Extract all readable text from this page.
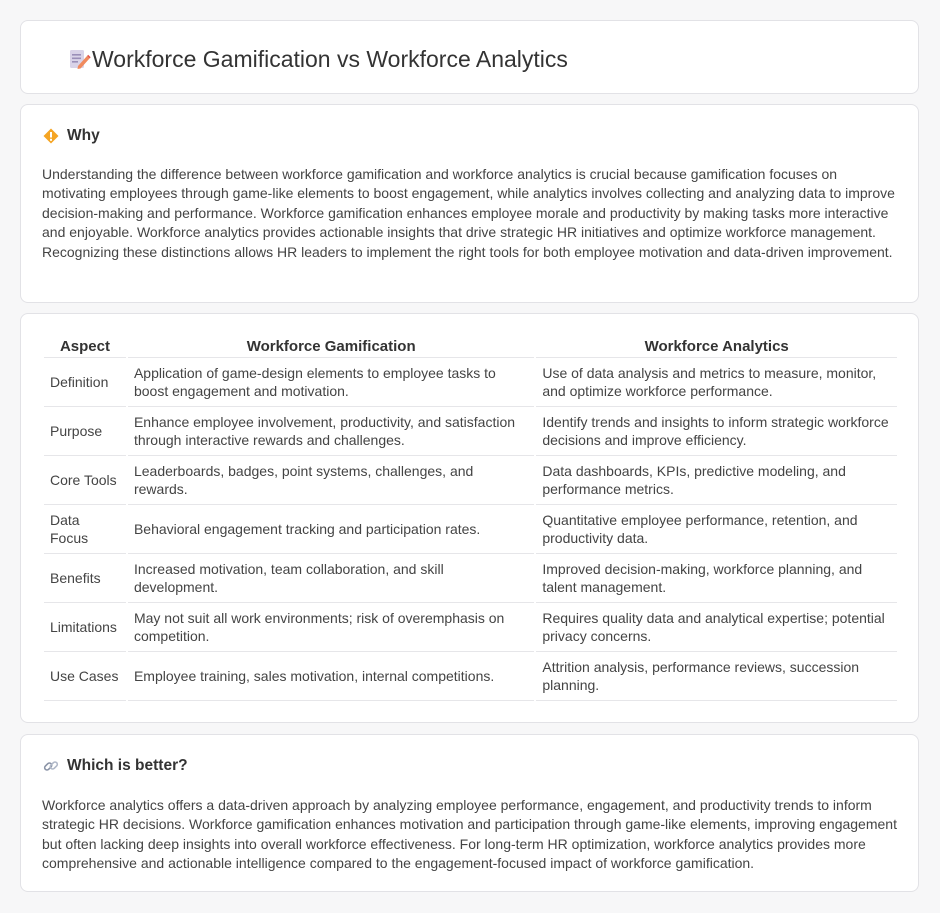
Workforce Gamification vs Workforce Analytics
Why

Understanding the difference between workforce gamification and workforce analytics is crucial because gamification focuses on motivating employees through game-like elements to boost engagement, while analytics involves collecting and analyzing data to improve decision-making and performance. Workforce gamification enhances employee morale and productivity by making tasks more interactive and enjoyable. Workforce analytics provides actionable insights that drive strategic HR initiatives and optimize workforce management. Recognizing these distinctions allows HR leaders to implement the right tools for both employee motivation and data-driven improvement.

Aspect	Workforce Gamification	Workforce Analytics
Definition	Application of game-design elements to employee tasks to boost engagement and motivation.	Use of data analysis and metrics to measure, monitor, and optimize workforce performance.
Purpose	Enhance employee involvement, productivity, and satisfaction through interactive rewards and challenges.	Identify trends and insights to inform strategic workforce decisions and improve efficiency.
Core Tools	Leaderboards, badges, point systems, challenges, and rewards.	Data dashboards, KPIs, predictive modeling, and performance metrics.
Data Focus	Behavioral engagement tracking and participation rates.	Quantitative employee performance, retention, and productivity data.
Benefits	Increased motivation, team collaboration, and skill development.	Improved decision-making, workforce planning, and talent management.
Limitations	May not suit all work environments; risk of overemphasis on competition.	Requires quality data and analytical expertise; potential privacy concerns.
Use Cases	Employee training, sales motivation, internal competitions.	Attrition analysis, performance reviews, succession planning.
Which is better?

Workforce analytics offers a data-driven approach by analyzing employee performance, engagement, and productivity trends to inform strategic HR decisions. Workforce gamification enhances motivation and participation through game-like elements, improving engagement but often lacking deep insights into overall workforce effectiveness. For long-term HR optimization, workforce analytics provides more comprehensive and actionable intelligence compared to the engagement-focused impact of workforce gamification.
